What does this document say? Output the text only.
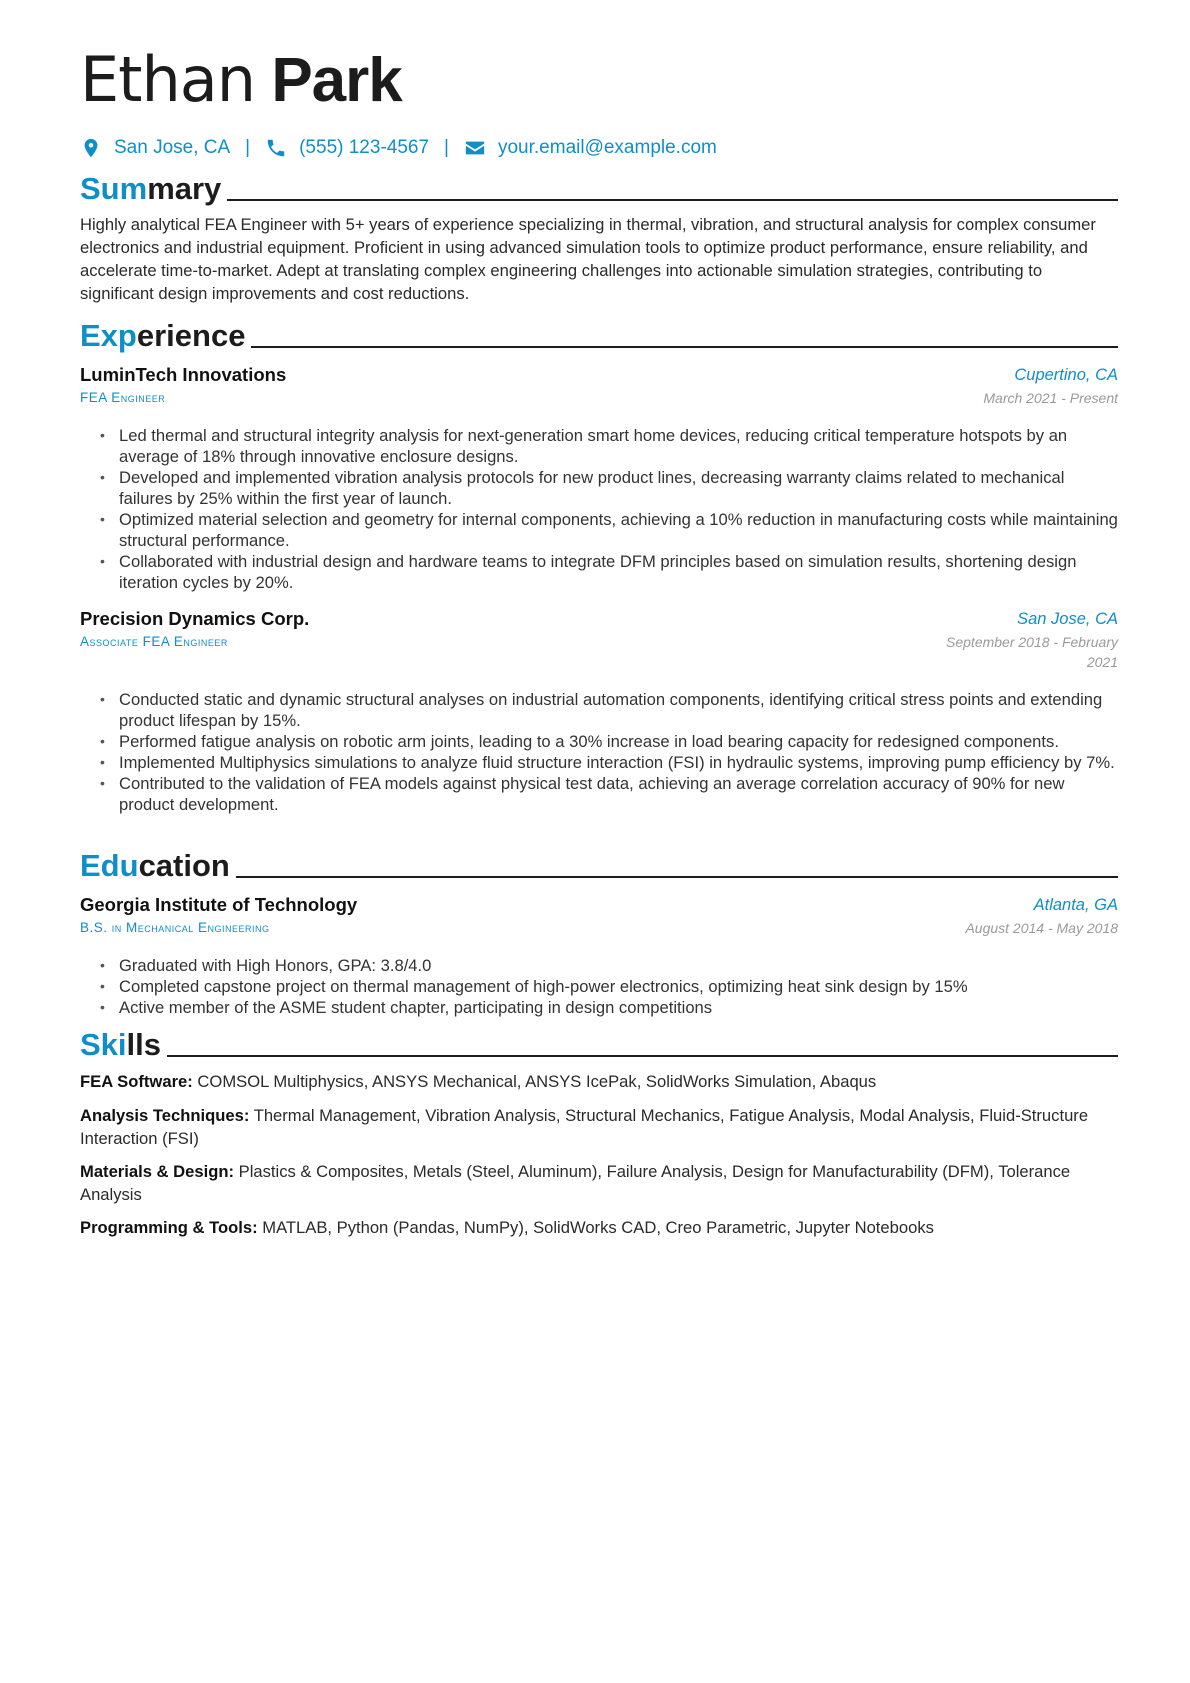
Ethan Park
San Jose, CA |	(555) 123-4567 |	your.email@example.com
Summary
Highly analytical FEA Engineer with 5+ years of experience specializing in thermal, vibration, and structural analysis for complex consumer electronics and industrial equipment. Proficient in using advanced simulation tools to optimize product performance, ensure reliability, and accelerate time-to-market. Adept at translating complex engineering challenges into actionable simulation strategies, contributing to significant design improvements and cost reductions.
Experience
LuminTech Innovations	Cupertino, CA
FEA Engineer	March 2021 - Present
• Led thermal and structural integrity analysis for next-generation smart home devices, reducing critical temperature hotspots by an average of 18% through innovative enclosure designs.
• Developed and implemented vibration analysis protocols for new product lines, decreasing warranty claims related to mechanical failures by 25% within the first year of launch.
• Optimized material selection and geometry for internal components, achieving a 10% reduction in manufacturing costs while maintaining structural performance.
• Collaborated with industrial design and hardware teams to integrate DFM principles based on simulation results, shortening design iteration cycles by 20%.
Precision Dynamics Corp.	San Jose, CA
Associate FEA Engineer	September 2018 - February
2021
• Conducted static and dynamic structural analyses on industrial automation components, identifying critical stress points and extending product lifespan by 15%.
• Performed fatigue analysis on robotic arm joints, leading to a 30% increase in load bearing capacity for redesigned components.
• Implemented Multiphysics simulations to analyze fluid structure interaction (FSI) in hydraulic systems, improving pump efficiency by 7%.
• Contributed to the validation of FEA models against physical test data, achieving an average correlation accuracy of 90% for new product development.
Education
Georgia Institute of Technology	Atlanta, GA
B.S. in Mechanical Engineering	August 2014 - May 2018
• Graduated with High Honors, GPA: 3.8/4.0
• Completed capstone project on thermal management of high-power electronics, optimizing heat sink design by 15%
• Active member of the ASME student chapter, participating in design competitions
Skills
FEA Software: COMSOL Multiphysics, ANSYS Mechanical, ANSYS IcePak, SolidWorks Simulation, Abaqus
Analysis Techniques: Thermal Management, Vibration Analysis, Structural Mechanics, Fatigue Analysis, Modal Analysis, Fluid-Structure Interaction (FSI)
Materials & Design: Plastics & Composites, Metals (Steel, Aluminum), Failure Analysis, Design for Manufacturability (DFM), Tolerance Analysis
Programming & Tools: MATLAB, Python (Pandas, NumPy), SolidWorks CAD, Creo Parametric, Jupyter Notebooks
